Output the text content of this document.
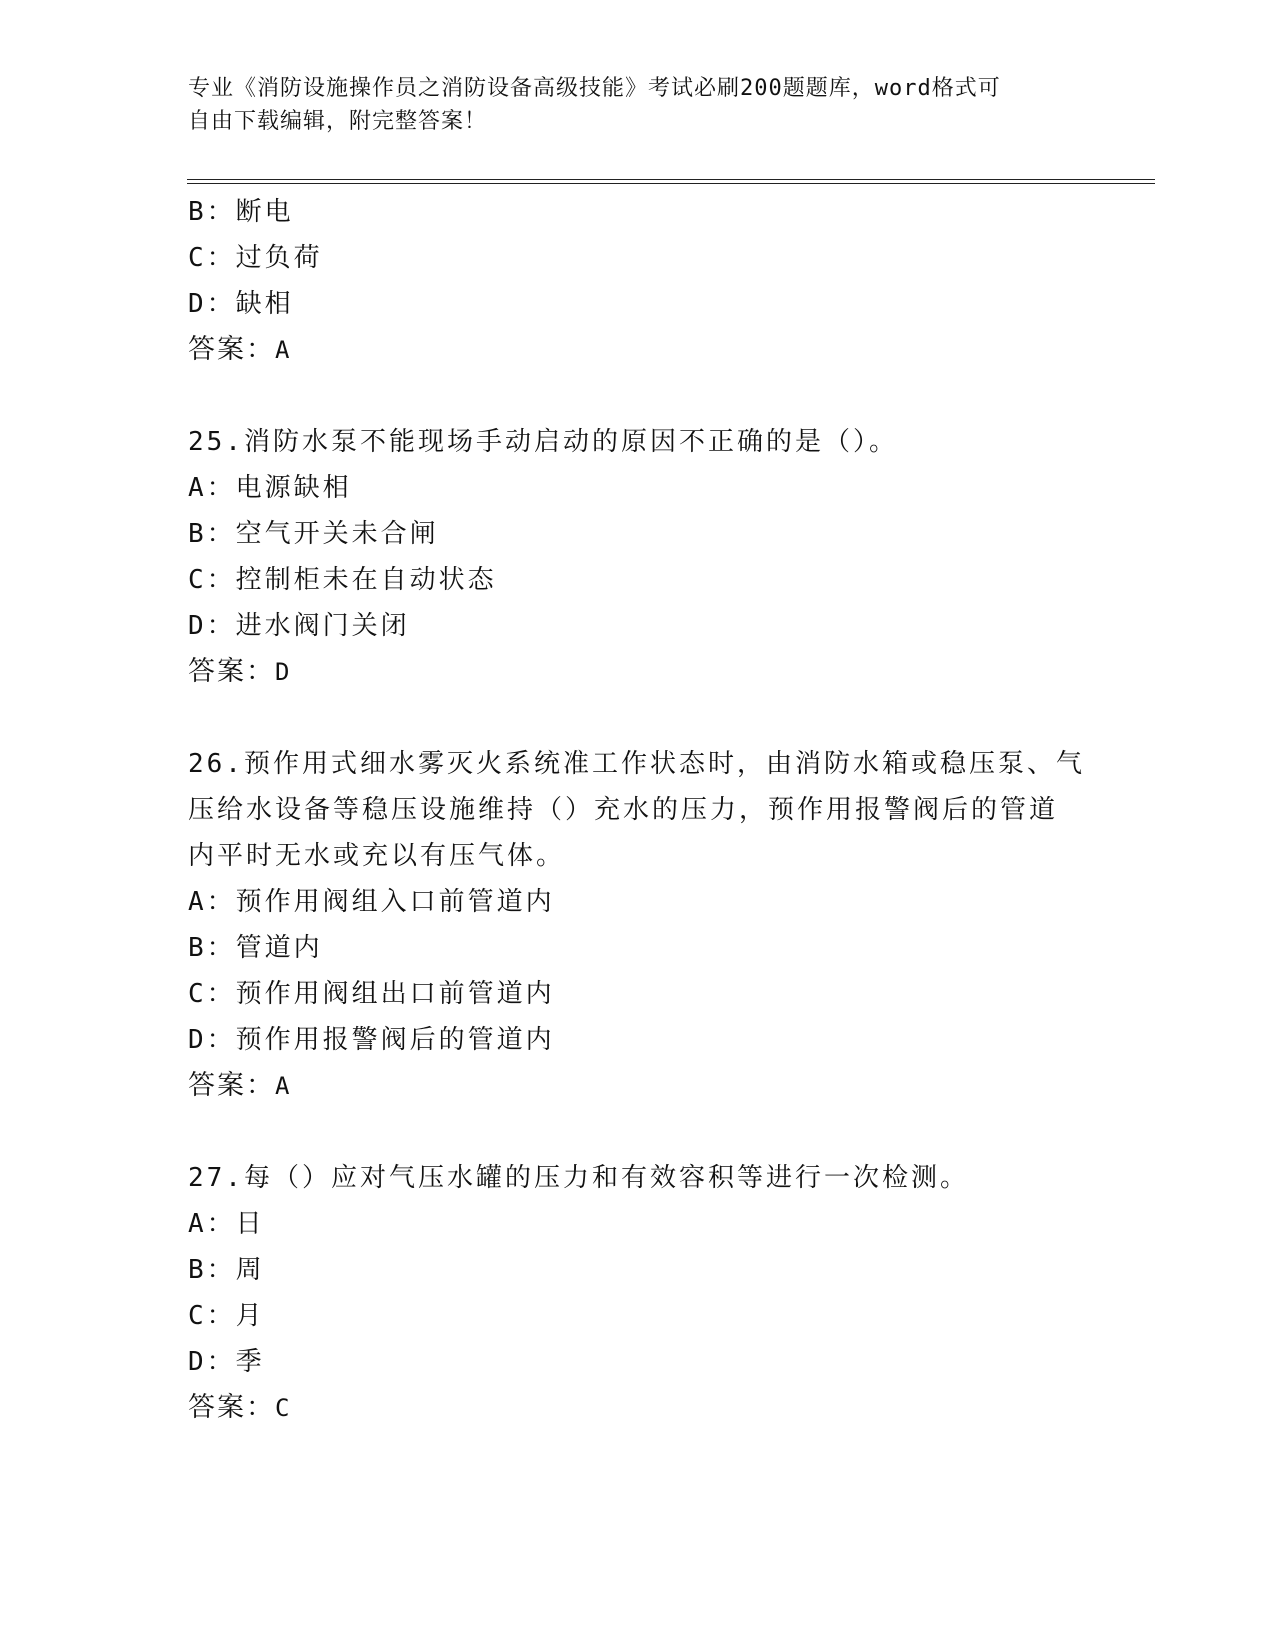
专业《消防设施操作员之消防设备高级技能》考试必刷200题题库，word格式可
自由下载编辑，附完整答案！
B：断电
C：过负荷
D：缺相
答案：A
25.消防水泵不能现场手动启动的原因不正确的是（）。
A：电源缺相
B：空气开关未合闸
C：控制柜未在自动状态
D：进水阀门关闭
答案：D
26.预作用式细水雾灭火系统准工作状态时，由消防水箱或稳压泵、气
压给水设备等稳压设施维持（）充水的压力，预作用报警阀后的管道
内平时无水或充以有压气体。
A：预作用阀组入口前管道内
B：管道内
C：预作用阀组出口前管道内
D：预作用报警阀后的管道内
答案：A
27.每（）应对气压水罐的压力和有效容积等进行一次检测。
A：日
B：周
C：月
D：季
答案：C
